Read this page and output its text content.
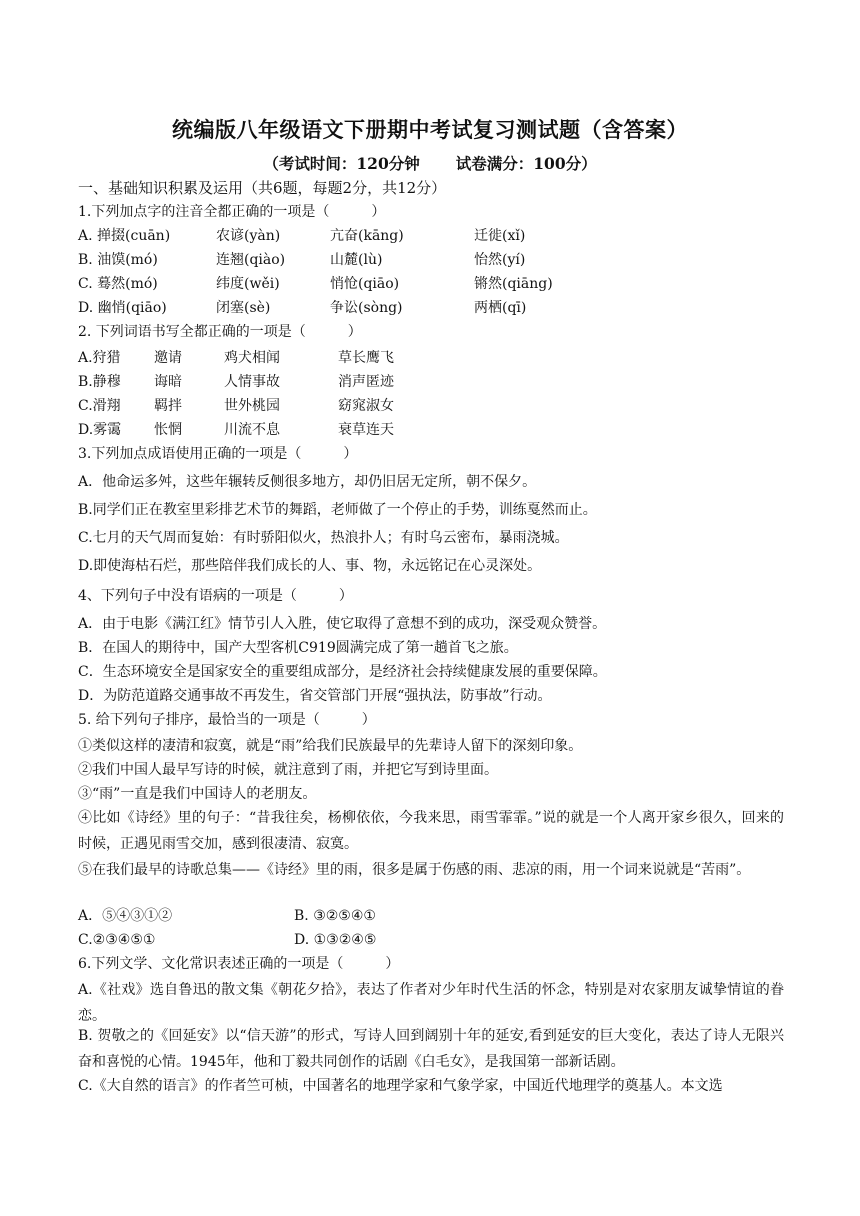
统编版八年级语文下册期中考试复习测试题（含答案）
（考试时间：120分钟 试卷满分：100分）
一、基础知识积累及运用（共6题，每题2分，共12分）
1.下列加点字的注音全都正确的一项是（　　　）
A. 掸掇(cuān)	农谚(yàn)	亢奋(kāng)	迁徙(xǐ)
B. 油馍(mó)	连翘(qiào)	山麓(lù)	怡然(yí)
C. 蓦然(mó)	纬度(wěi)	悄怆(qiāo)	锵然(qiāng)
D. 幽悄(qiāo)	闭塞(sè)	争讼(sòng)	两栖(qī)
2. 下列词语书写全都正确的一项是（　　　）
A.狩猎 邀请	鸡犬相闻	草长鹰飞
B.静穆 诲暗	人情事故	消声匿迹
C.滑翔 羁拌	世外桃园	窈窕淑女
D.雾霭 怅惘	川流不息	衰草连天
3.下列加点成语使用正确的一项是（　　　）
A．他命运多舛，这些年辗转反侧很多地方，却仍旧居无定所，朝不保夕。
B.同学们正在教室里彩排艺术节的舞蹈，老师做了一个停止的手势，训练戛然而止。
C.七月的天气周而复始：有时骄阳似火，热浪扑人；有时乌云密布，暴雨浇城。
D.即使海枯石烂，那些陪伴我们成长的人、事、物，永远铭记在心灵深处。
4、下列句子中没有语病的一项是（　　　）
A．由于电影《满江红》情节引人入胜，使它取得了意想不到的成功，深受观众赞誉。
B．在国人的期待中，国产大型客机C919圆满完成了第一趟首飞之旅。
C．生态环境安全是国家安全的重要组成部分，是经济社会持续健康发展的重要保障。
D．为防范道路交通事故不再发生，省交管部门开展“强执法，防事故”行动。
5. 给下列句子排序，最恰当的一项是（　　　）
①类似这样的凄清和寂寞，就是“雨”给我们民族最早的先辈诗人留下的深刻印象。
②我们中国人最早写诗的时候，就注意到了雨，并把它写到诗里面。
③“雨”一直是我们中国诗人的老朋友。
④比如《诗经》里的句子：“昔我往矣，杨柳依依，今我来思，雨雪霏霏。”说的就是一个人离开家乡很久，回来的时候，正遇见雨雪交加，感到很凄清、寂寞。
⑤在我们最早的诗歌总集——《诗经》里的雨，很多是属于伤感的雨、悲凉的雨，用一个词来说就是“苦雨”。
A．⑤④③①②	B. ③②⑤④①
C.②③④⑤①	D. ①③②④⑤
6.下列文学、文化常识表述正确的一项是（　　　）
A.《社戏》选自鲁迅的散文集《朝花夕拾》，表达了作者对少年时代生活的怀念，特别是对农家朋友诚挚情谊的眷恋。
B. 贺敬之的《回延安》以“信天游”的形式，写诗人回到阔别十年的延安,看到延安的巨大变化，表达了诗人无限兴奋和喜悦的心情。1945年，他和丁毅共同创作的话剧《白毛女》，是我国第一部新话剧。
C.《大自然的语言》的作者竺可桢，中国著名的地理学家和气象学家，中国近代地理学的奠基人。本文选
